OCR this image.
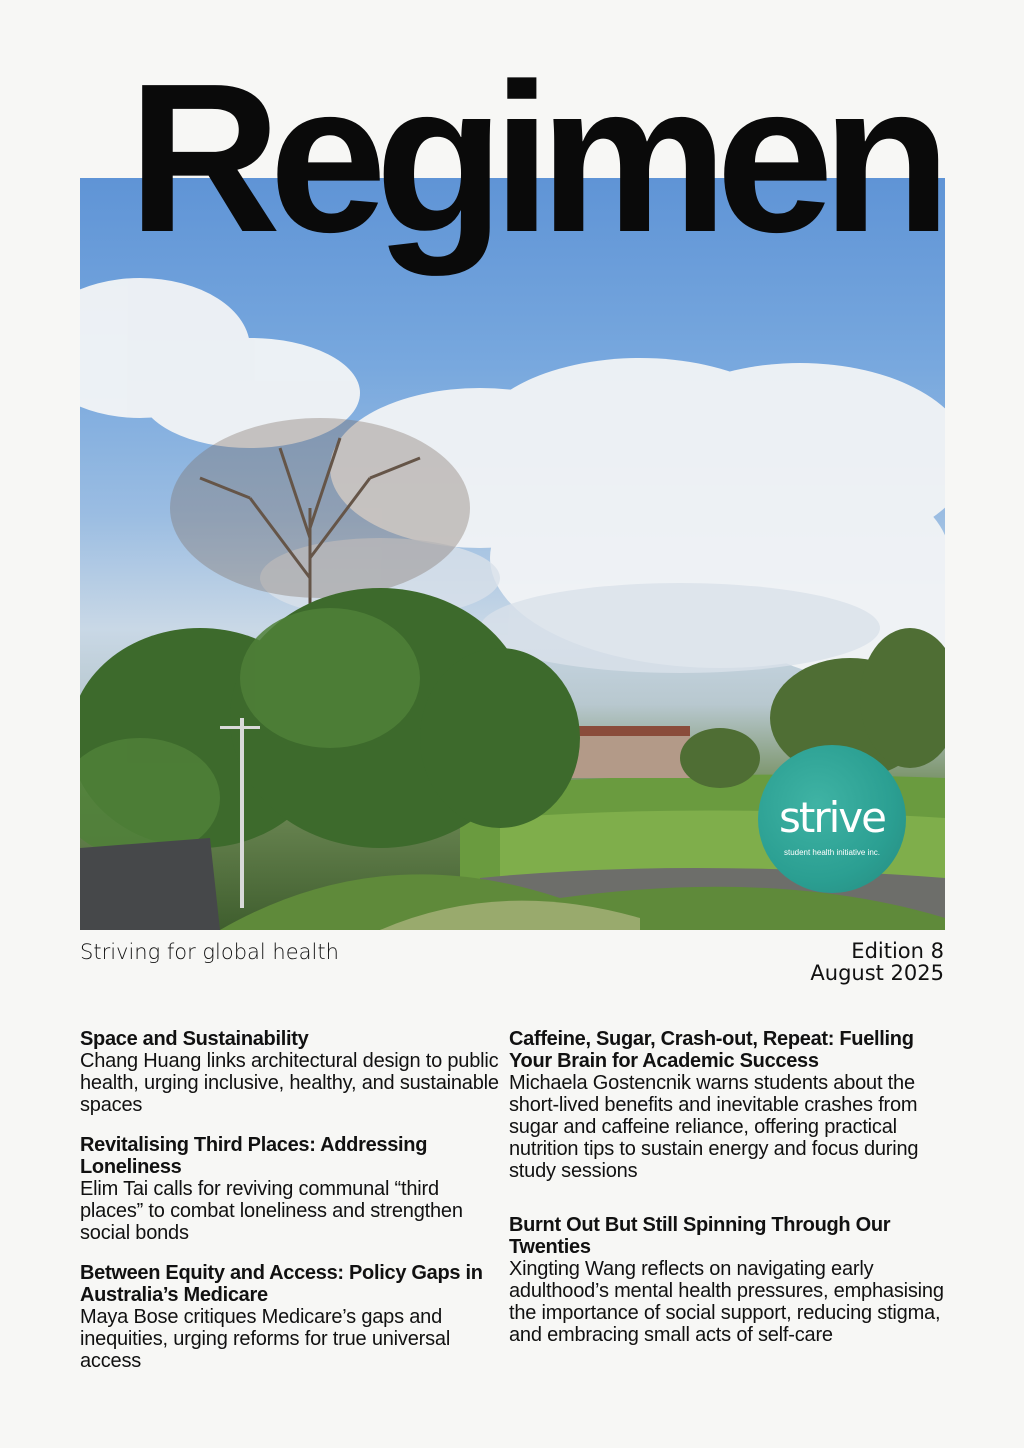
Regimen
strive
student health initiative inc.
Striving for global health	Edition 8
August 2025
Space and Sustainability

Chang Huang links architectural design to public health, urging inclusive, healthy, and sustainable spaces

Revitalising Third Places: Addressing Loneliness

Elim Tai calls for reviving communal “third places” to combat loneliness and strengthen social bonds

Between Equity and Access: Policy Gaps in Australia’s Medicare

Maya Bose critiques Medicare’s gaps and inequities, urging reforms for true universal access

Caffeine, Sugar, Crash-out, Repeat: Fuelling Your Brain for Academic Success

Michaela Gostencnik warns students about the short-lived benefits and inevitable crashes from sugar and caffeine reliance, offering practical nutrition tips to sustain energy and focus during study sessions

Burnt Out But Still Spinning Through Our Twenties

Xingting Wang reflects on navigating early adulthood’s mental health pressures, emphasising the importance of social support, reducing stigma, and embracing small acts of self-care
